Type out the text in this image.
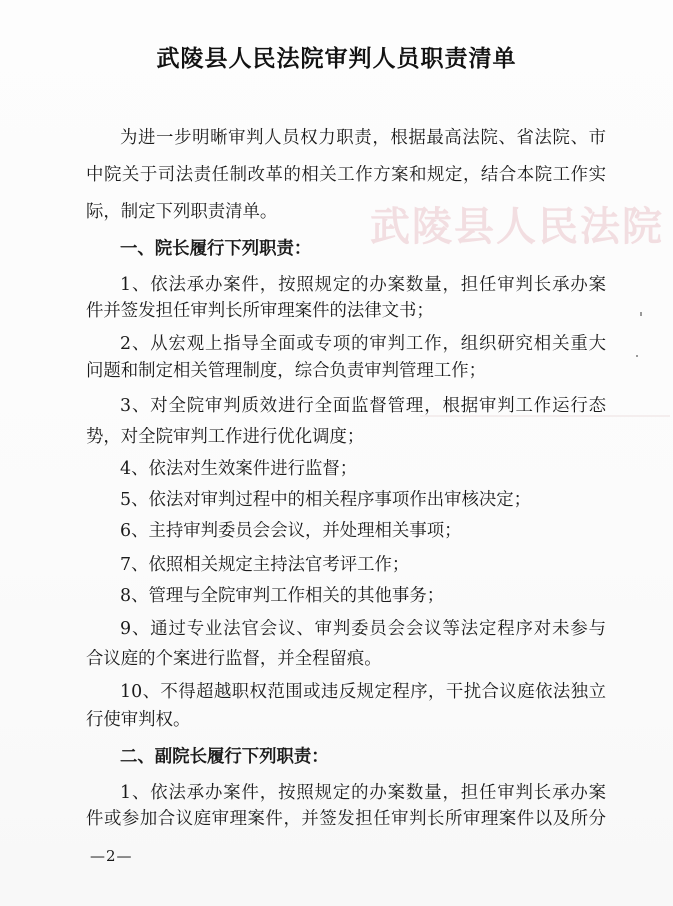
武陵县人民法院
武陵县人民法院审判人员职责清单
为进一步明晰审判人员权力职责，根据最高法院、省法院、市
中院关于司法责任制改革的相关工作方案和规定，结合本院工作实
际，制定下列职责清单。
一、院长履行下列职责：
1、依法承办案件，按照规定的办案数量，担任审判长承办案
件并签发担任审判长所审理案件的法律文书；
2、从宏观上指导全面或专项的审判工作，组织研究相关重大
问题和制定相关管理制度，综合负责审判管理工作；
3、对全院审判质效进行全面监督管理，根据审判工作运行态
势，对全院审判工作进行优化调度；
4、依法对生效案件进行监督；
5、依法对审判过程中的相关程序事项作出审核决定；
6、主持审判委员会会议，并处理相关事项；
7、依照相关规定主持法官考评工作；
8、管理与全院审判工作相关的其他事务；
9、通过专业法官会议、审判委员会会议等法定程序对未参与
合议庭的个案进行监督，并全程留痕。
10、不得超越职权范围或违反规定程序，干扰合议庭依法独立
行使审判权。
二、副院长履行下列职责：
1、依法承办案件，按照规定的办案数量，担任审判长承办案
件或参加合议庭审理案件，并签发担任审判长所审理案件以及所分
—2—
